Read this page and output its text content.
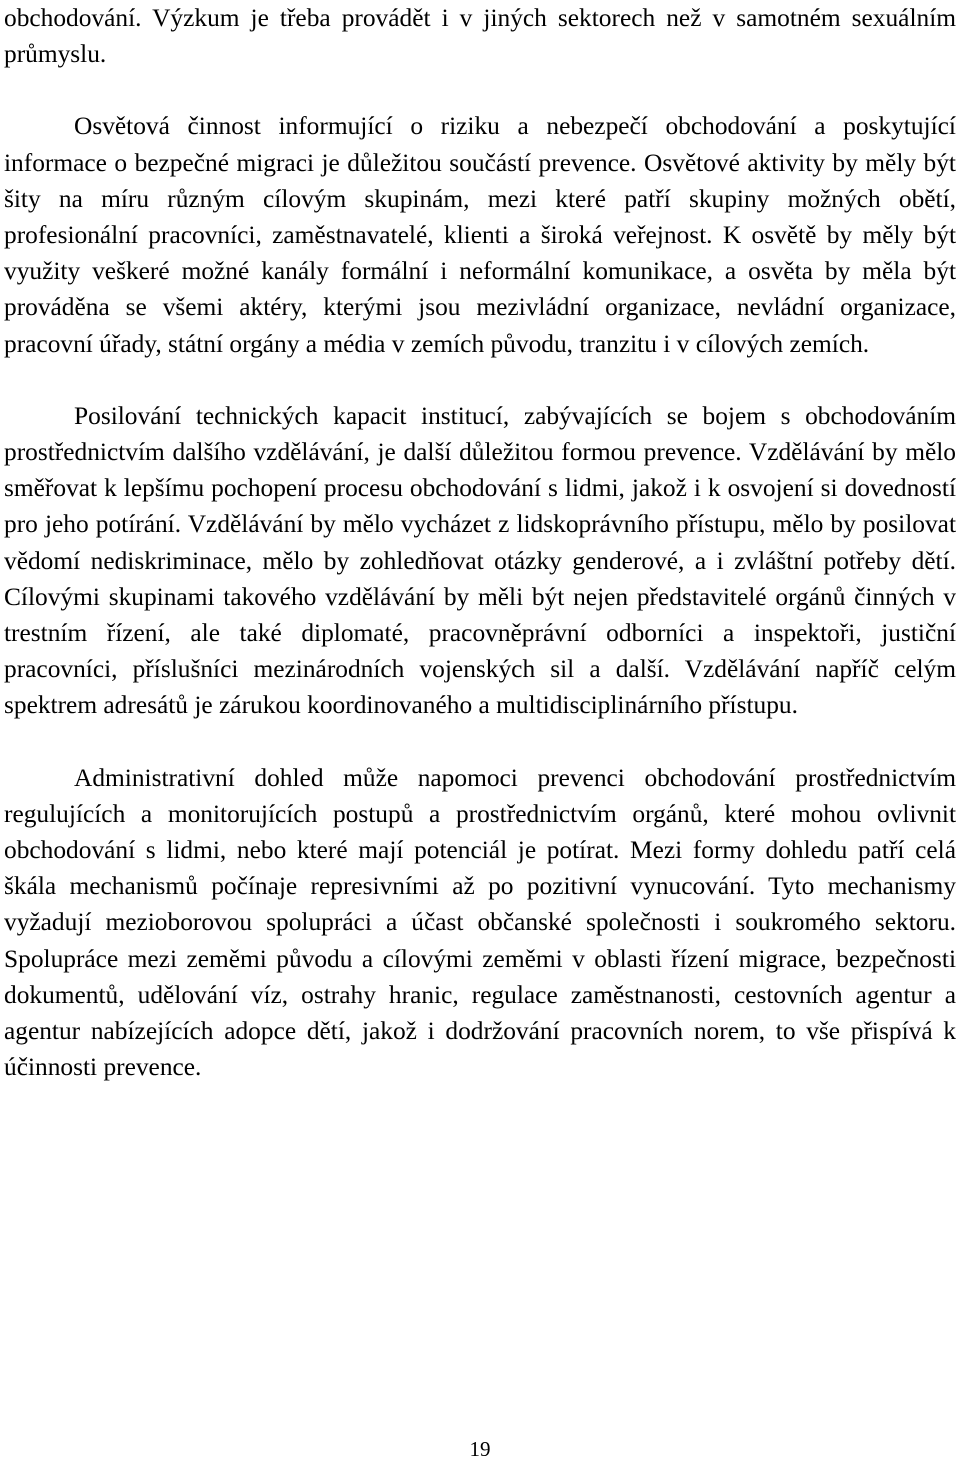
obchodování. Výzkum je třeba provádět i v jiných sektorech než v samotném sexuálním průmyslu.

Osvětová činnost informující o riziku a nebezpečí obchodování a poskytující informace o bezpečné migraci je důležitou součástí prevence. Osvětové aktivity by měly být šity na míru různým cílovým skupinám, mezi které patří skupiny možných obětí, profesionální pracovníci, zaměstnavatelé, klienti a široká veřejnost. K osvětě by měly být využity veškeré možné kanály formální i neformální komunikace, a osvěta by měla být prováděna se všemi aktéry, kterými jsou mezivládní organizace, nevládní organizace, pracovní úřady, státní orgány a média v zemích původu, tranzitu i v cílových zemích.

Posilování technických kapacit institucí, zabývajících se bojem s obchodováním prostřednictvím dalšího vzdělávání, je další důležitou formou prevence. Vzdělávání by mělo směřovat k lepšímu pochopení procesu obchodování s lidmi, jakož i k osvojení si dovedností pro jeho potírání. Vzdělávání by mělo vycházet z lidskoprávního přístupu, mělo by posilovat vědomí nediskriminace, mělo by zohledňovat otázky genderové, a i zvláštní potřeby dětí. Cílovými skupinami takového vzdělávání by měli být nejen představitelé orgánů činných v trestním řízení, ale také diplomaté, pracovněprávní odborníci a inspektoři, justiční pracovníci, příslušníci mezinárodních vojenských sil a další. Vzdělávání napříč celým spektrem adresátů je zárukou koordinovaného a multidisciplinárního přístupu.

Administrativní dohled může napomoci prevenci obchodování prostřednictvím regulujících a monitorujících postupů a prostřednictvím orgánů, které mohou ovlivnit obchodování s lidmi, nebo které mají potenciál je potírat. Mezi formy dohledu patří celá škála mechanismů počínaje represivními až po pozitivní vynucování. Tyto mechanismy vyžadují mezioborovou spolupráci a účast občanské společnosti i soukromého sektoru. Spolupráce mezi zeměmi původu a cílovými zeměmi v oblasti řízení migrace, bezpečnosti dokumentů, udělování víz, ostrahy hranic, regulace zaměstnanosti, cestovních agentur a agentur nabízejících adopce dětí, jakož i dodržování pracovních norem, to vše přispívá k účinnosti prevence.

19
